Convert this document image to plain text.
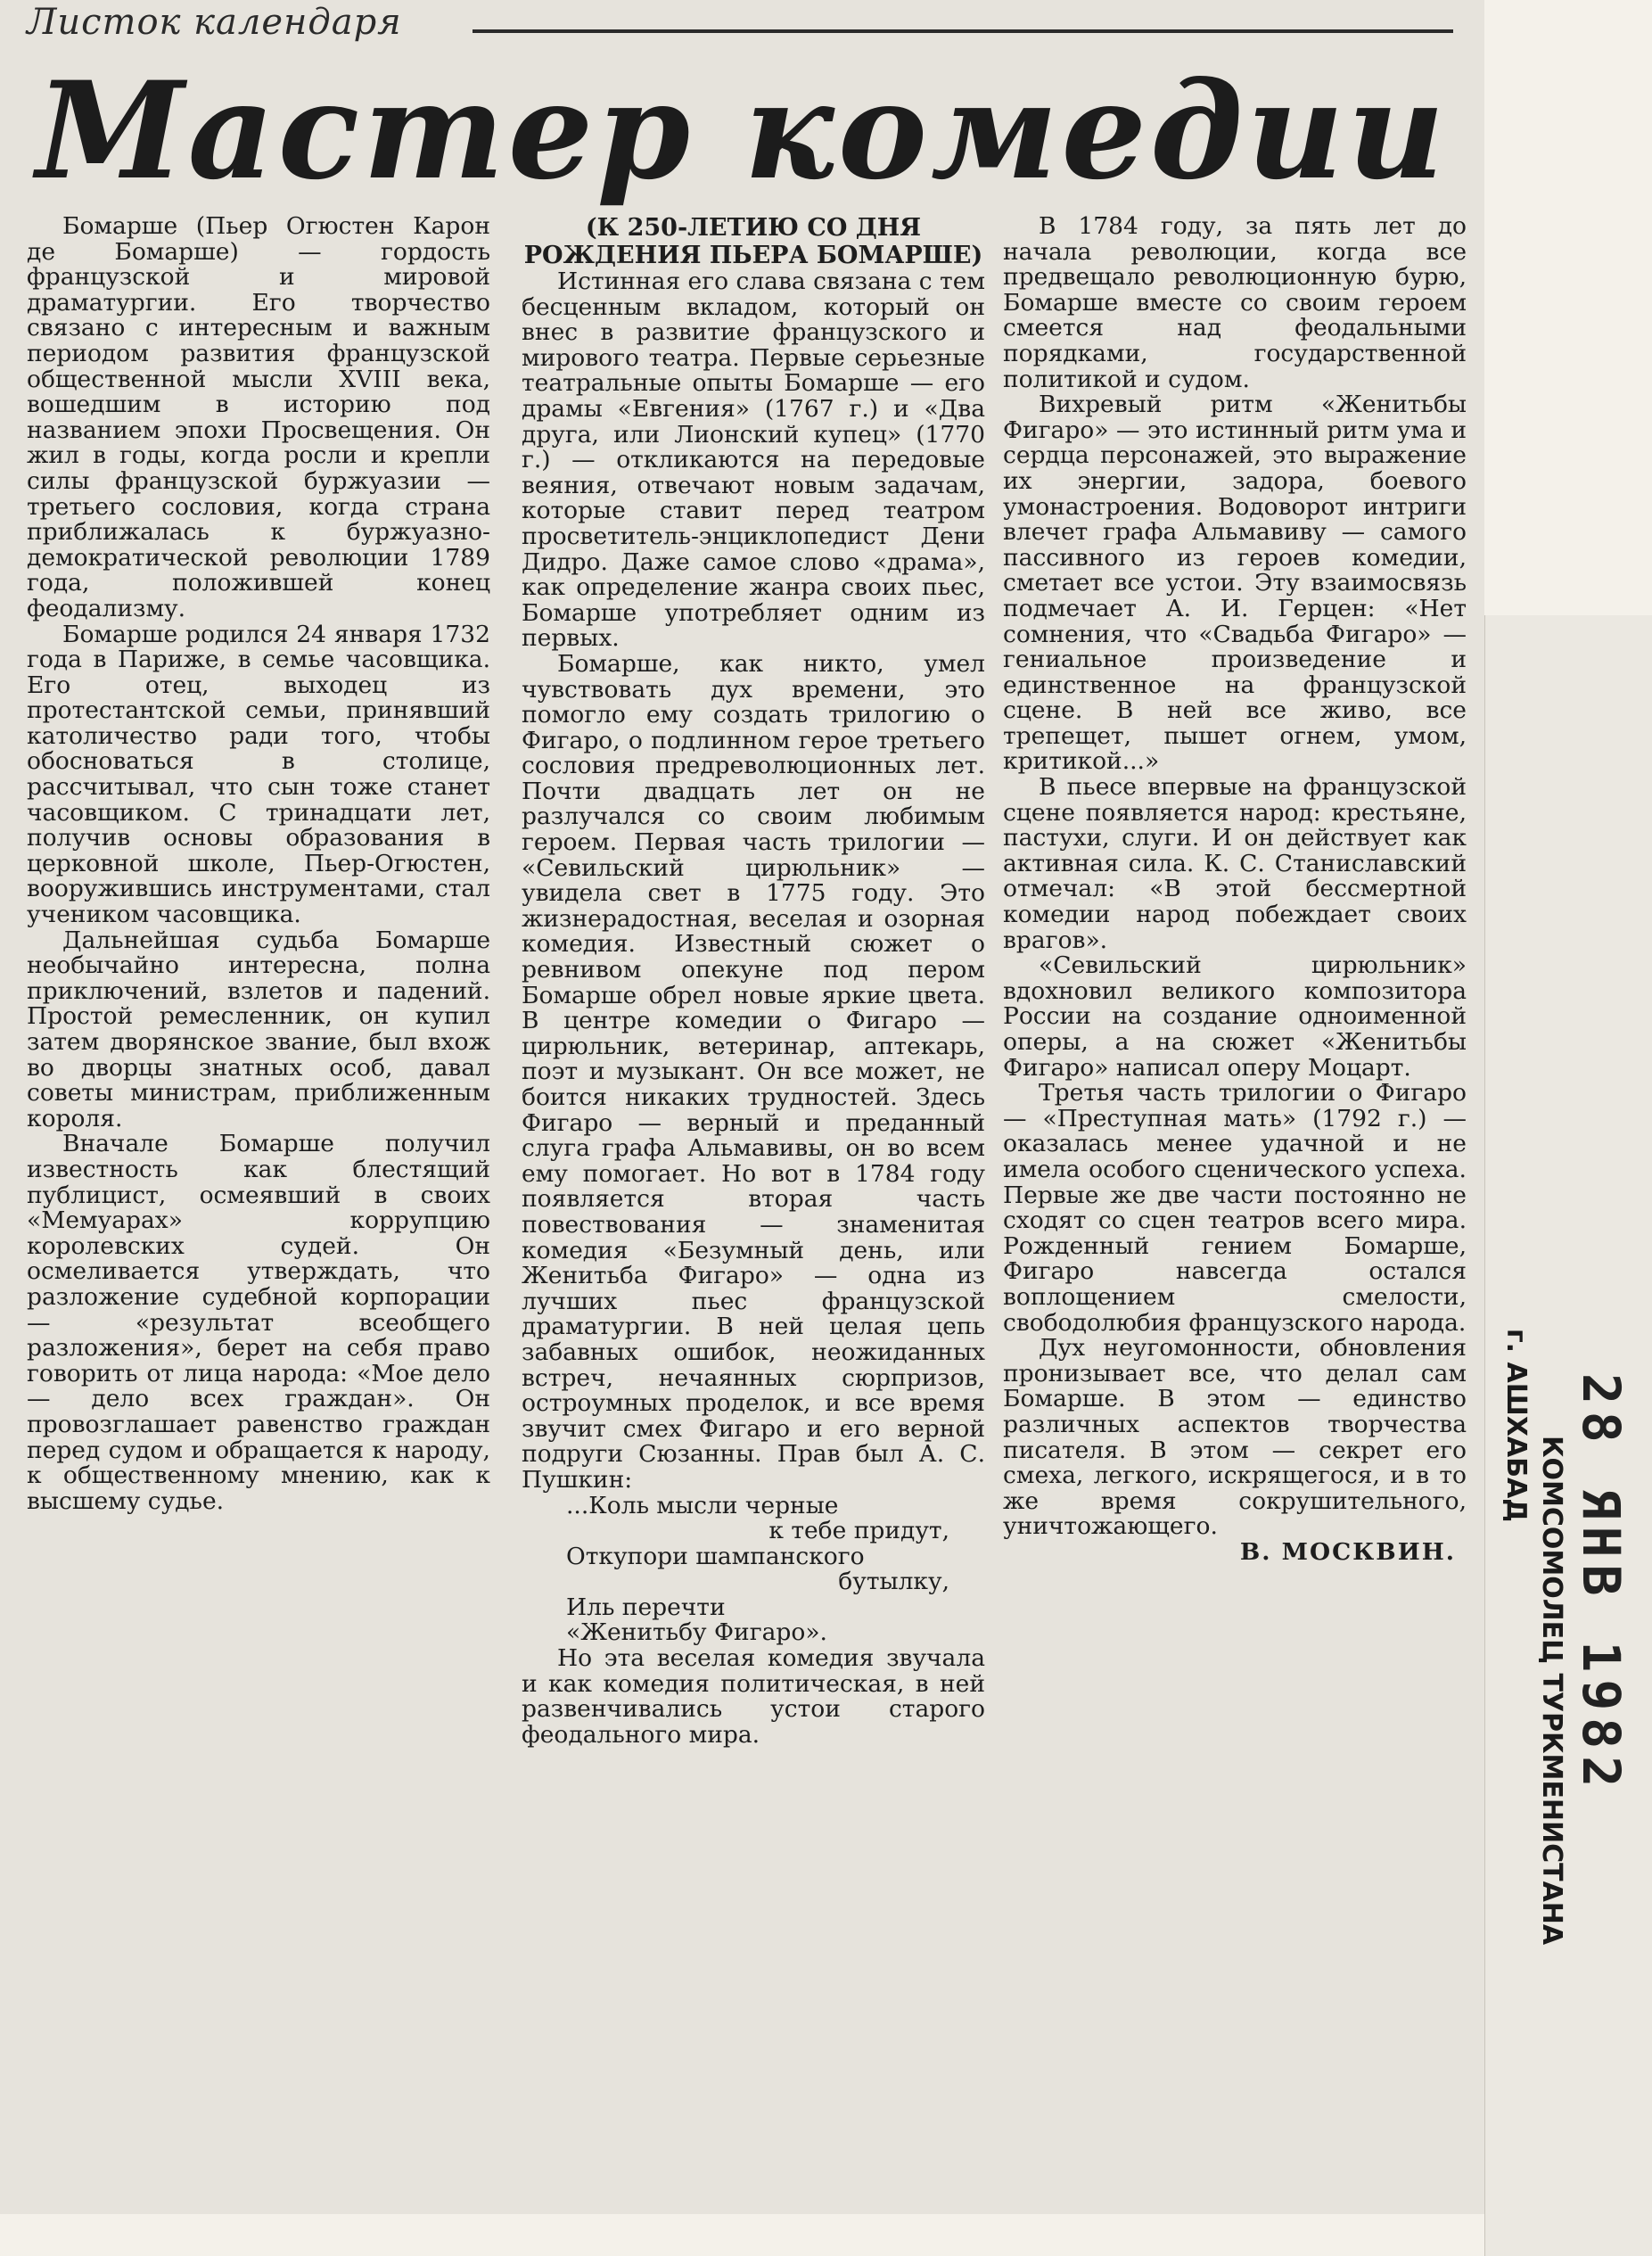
Листок календаря
Мастер комедии

Бомарше (Пьер Огюстен Карон де Бомарше) — гордость французской и мировой драматургии. Его творчество связано с интересным и важным периодом развития французской общественной мысли XVIII века, вошедшим в историю под названием эпохи Просвещения. Он жил в годы, когда росли и крепли силы французской буржуазии — третьего сословия, когда страна приближалась к буржуазно-демократической революции 1789 года, положившей конец феодализму.

Бомарше родился 24 января 1732 года в Париже, в семье часовщика. Его отец, выходец из протестантской семьи, принявший католичество ради того, чтобы обосноваться в столице, рассчитывал, что сын тоже станет часовщиком. С тринадцати лет, получив основы образования в церковной школе, Пьер-Огюстен, вооружившись инструментами, стал учеником часовщика.

Дальнейшая судьба Бомарше необычайно интересна, полна приключений, взлетов и падений. Простой ремесленник, он купил затем дворянское звание, был вхож во дворцы знатных особ, давал советы министрам, приближенным короля.

Вначале Бомарше получил известность как блестящий публицист, осмеявший в своих «Мемуарах» коррупцию королевских судей. Он осмеливается утверждать, что разложение судебной корпорации — «результат всеобщего разложения», берет на себя право говорить от лица народа: «Мое дело — дело всех граждан». Он провозглашает равенство граждан перед судом и обращается к народу, к общественному мнению, как к высшему судье.

(К 250-ЛЕТИЮ СО ДНЯ РОЖДЕНИЯ ПЬЕРА БОМАРШЕ)

Истинная его слава связана с тем бесценным вкладом, который он внес в развитие французского и мирового театра. Первые серьезные театральные опыты Бомарше — его драмы «Евгения» (1767 г.) и «Два друга, или Лионский купец» (1770 г.) — откликаются на передовые веяния, отвечают новым задачам, которые ставит перед театром просветитель-энциклопедист Дени Дидро. Даже самое слово «драма», как определение жанра своих пьес, Бомарше употребляет одним из первых.

Бомарше, как никто, умел чувствовать дух времени, это помогло ему создать трилогию о Фигаро, о подлинном герое третьего сословия предреволюционных лет. Почти двадцать лет он не разлучался со своим любимым героем. Первая часть трилогии — «Севильский цирюльник» — увидела свет в 1775 году. Это жизнерадостная, веселая и озорная комедия. Известный сюжет о ревнивом опекуне под пером Бомарше обрел новые яркие цвета. В центре комедии о Фигаро — цирюльник, ветеринар, аптекарь, поэт и музыкант. Он все может, не боится никаких трудностей. Здесь Фигаро — верный и преданный слуга графа Альмавивы, он во всем ему помогает. Но вот в 1784 году появляется вторая часть повествования — знаменитая комедия «Безумный день, или Женитьба Фигаро» — одна из лучших пьес французской драматургии. В ней целая цепь забавных ошибок, неожиданных встреч, нечаянных сюрпризов, остроумных проделок, и все время звучит смех Фигаро и его верной подруги Сюзанны. Прав был А. С. Пушкин:

...Коль мысли черные
к тебе придут,
Откупори шампанского
бутылку,
Иль перечти
«Женитьбу Фигаро».

Но эта веселая комедия звучала и как комедия политическая, в ней развенчивались устои старого феодального мира.

В 1784 году, за пять лет до начала революции, когда все предвещало революционную бурю, Бомарше вместе со своим героем смеется над феодальными порядками, государственной политикой и судом.

Вихревый ритм «Женитьбы Фигаро» — это истинный ритм ума и сердца персонажей, это выражение их энергии, задора, боевого умонастроения. Водоворот интриги влечет графа Альмавиву — самого пассивного из героев комедии, сметает все устои. Эту взаимосвязь подмечает А. И. Герцен: «Нет сомнения, что «Свадьба Фигаро» — гениальное произведение и единственное на французской сцене. В ней все живо, все трепещет, пышет огнем, умом, критикой...»

В пьесе впервые на французской сцене появляется народ: крестьяне, пастухи, слуги. И он действует как активная сила. К. С. Станиславский отмечал: «В этой бессмертной комедии народ побеждает своих врагов».

«Севильский цирюльник» вдохновил великого композитора России на создание одноименной оперы, а на сюжет «Женитьбы Фигаро» написал оперу Моцарт.

Третья часть трилогии о Фигаро — «Преступная мать» (1792 г.) — оказалась менее удачной и не имела особого сценического успеха. Первые же две части постоянно не сходят со сцен театров всего мира. Рожденный гением Бомарше, Фигаро навсегда остался воплощением смелости, свободолюбия французского народа.

Дух неугомонности, обновления пронизывает все, что делал сам Бомарше. В этом — единство различных аспектов творчества писателя. В этом — секрет его смеха, легкого, искрящегося, и в то же время сокрушительного, уничтожающего.

В. МОСКВИН.	КОМСОМОЛЕЦ ТУРКМЕНИСТАНА
г. АШХАБАД 28 ЯНВ 1982
